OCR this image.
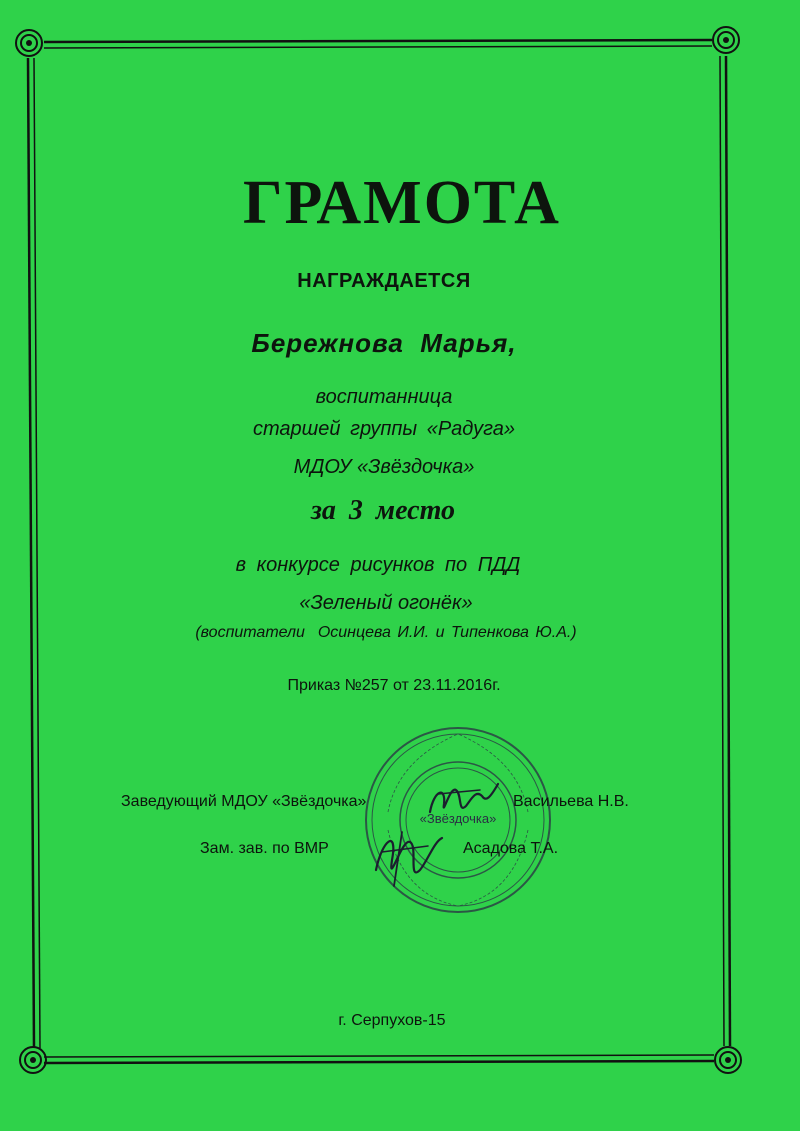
ГРАМОТА

НАГРАЖДАЕТСЯ

Бережнова  Марья,

воспитанница

старшей группы «Радуга»

МДОУ «Звёздочка»

за 3 место

в конкурсе рисунков по ПДД

«Зеленый огонёк»

(воспитатели  Осинцева И.И. и Типенкова Ю.А.)

Приказ №257 от 23.11.2016г.

«Звёздочка»

Заведующий МДОУ «Звёздочка»	Васильева Н.В.

Зам. зав. по ВМР	Асадова Т.А.

г. Серпухов-15
